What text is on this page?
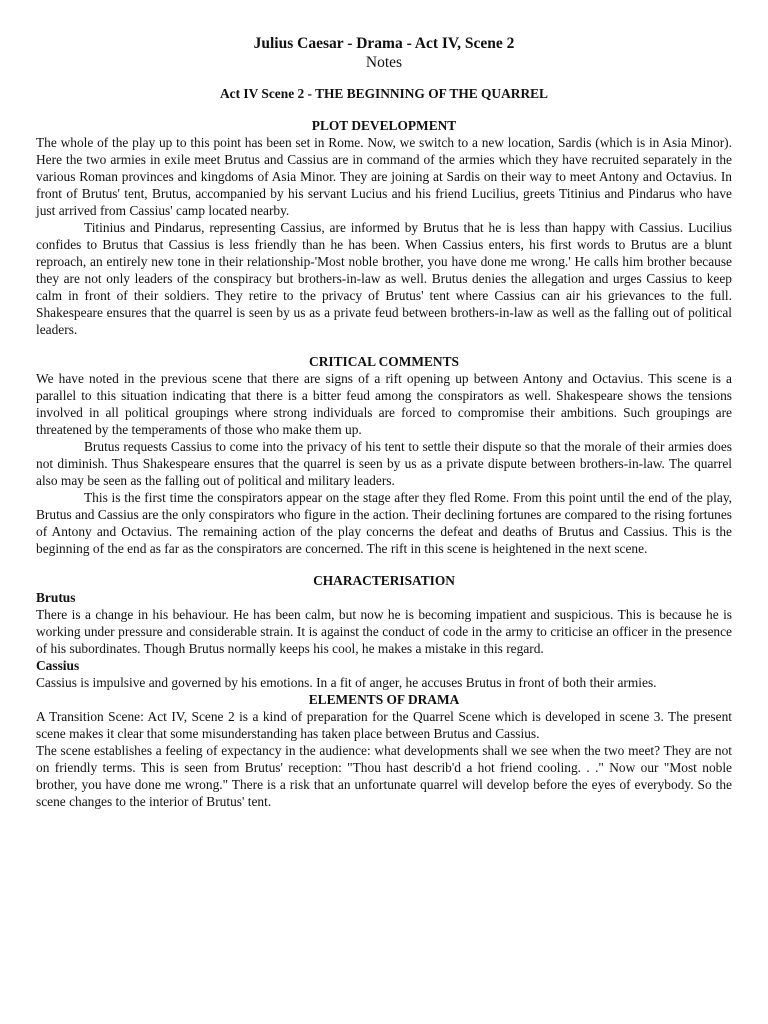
Julius Caesar - Drama - Act IV, Scene 2
Notes
Act IV Scene 2 - THE BEGINNING OF THE QUARREL
PLOT DEVELOPMENT

The whole of the play up to this point has been set in Rome. Now, we switch to a new location, Sardis (which is in Asia Minor). Here the two armies in exile meet Brutus and Cassius are in command of the armies which they have recruited separately in the various Roman provinces and kingdoms of Asia Minor. They are joining at Sardis on their way to meet Antony and Octavius. In front of Brutus' tent, Brutus, accompanied by his servant Lucius and his friend Lucilius, greets Titinius and Pindarus who have just arrived from Cassius' camp located nearby.

Titinius and Pindarus, representing Cassius, are informed by Brutus that he is less than happy with Cassius. Lucilius confides to Brutus that Cassius is less friendly than he has been. When Cassius enters, his first words to Brutus are a blunt reproach, an entirely new tone in their relationship-'Most noble brother, you have done me wrong.' He calls him brother because they are not only leaders of the conspiracy but brothers-in-law as well. Brutus denies the allegation and urges Cassius to keep calm in front of their soldiers. They retire to the privacy of Brutus' tent where Cassius can air his grievances to the full. Shakespeare ensures that the quarrel is seen by us as a private feud between brothers-in-law as well as the falling out of political leaders.

CRITICAL COMMENTS

We have noted in the previous scene that there are signs of a rift opening up between Antony and Octavius. This scene is a parallel to this situation indicating that there is a bitter feud among the conspirators as well. Shakespeare shows the tensions involved in all political groupings where strong individuals are forced to compromise their ambitions. Such groupings are threatened by the temperaments of those who make them up.

Brutus requests Cassius to come into the privacy of his tent to settle their dispute so that the morale of their armies does not diminish. Thus Shakespeare ensures that the quarrel is seen by us as a private dispute between brothers-in-law. The quarrel also may be seen as the falling out of political and military leaders.

This is the first time the conspirators appear on the stage after they fled Rome. From this point until the end of the play, Brutus and Cassius are the only conspirators who figure in the action. Their declining fortunes are compared to the rising fortunes of Antony and Octavius. The remaining action of the play concerns the defeat and deaths of Brutus and Cassius. This is the beginning of the end as far as the conspirators are concerned. The rift in this scene is heightened in the next scene.

CHARACTERISATION
Brutus

There is a change in his behaviour. He has been calm, but now he is becoming impatient and suspicious. This is because he is working under pressure and considerable strain. It is against the conduct of code in the army to criticise an officer in the presence of his subordinates. Though Brutus normally keeps his cool, he makes a mistake in this regard.

Cassius

Cassius is impulsive and governed by his emotions. In a fit of anger, he accuses Brutus in front of both their armies.

ELEMENTS OF DRAMA

A Transition Scene: Act IV, Scene 2 is a kind of preparation for the Quarrel Scene which is developed in scene 3. The present scene makes it clear that some misunderstanding has taken place between Brutus and Cassius.

The scene establishes a feeling of expectancy in the audience: what developments shall we see when the two meet? They are not on friendly terms. This is seen from Brutus' reception: "Thou hast describ'd a hot friend cooling. . ." Now our "Most noble brother, you have done me wrong." There is a risk that an unfortunate quarrel will develop before the eyes of everybody. So the scene changes to the interior of Brutus' tent.
